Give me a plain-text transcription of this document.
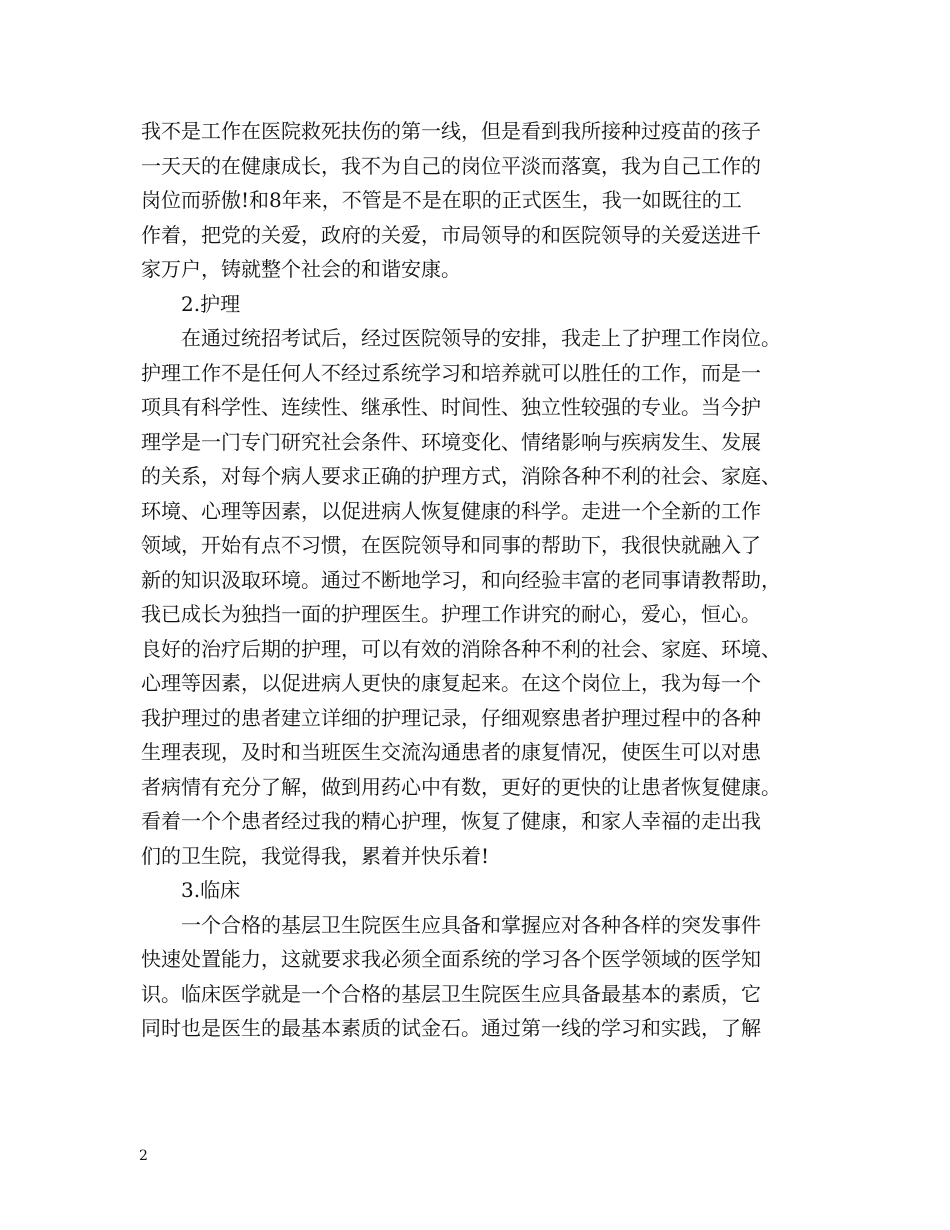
我不是工作在医院救死扶伤的第一线，但是看到我所接种过疫苗的孩子
一天天的在健康成长，我不为自己的岗位平淡而落寞，我为自己工作的
岗位而骄傲!和8年来，不管是不是在职的正式医生，我一如既往的工
作着，把党的关爱，政府的关爱，市局领导的和医院领导的关爱送进千
家万户，铸就整个社会的和谐安康。
2.护理
在通过统招考试后，经过医院领导的安排，我走上了护理工作岗位。
护理工作不是任何人不经过系统学习和培养就可以胜任的工作，而是一
项具有科学性、连续性、继承性、时间性、独立性较强的专业。当今护
理学是一门专门研究社会条件、环境变化、情绪影响与疾病发生、发展
的关系，对每个病人要求正确的护理方式，消除各种不利的社会、家庭、
环境、心理等因素，以促进病人恢复健康的科学。走进一个全新的工作
领域，开始有点不习惯，在医院领导和同事的帮助下，我很快就融入了
新的知识汲取环境。通过不断地学习，和向经验丰富的老同事请教帮助，
我已成长为独挡一面的护理医生。护理工作讲究的耐心，爱心，恒心。
良好的治疗后期的护理，可以有效的消除各种不利的社会、家庭、环境、
心理等因素，以促进病人更快的康复起来。在这个岗位上，我为每一个
我护理过的患者建立详细的护理记录，仔细观察患者护理过程中的各种
生理表现，及时和当班医生交流沟通患者的康复情况，使医生可以对患
者病情有充分了解，做到用药心中有数，更好的更快的让患者恢复健康。
看着一个个患者经过我的精心护理，恢复了健康，和家人幸福的走出我
们的卫生院，我觉得我，累着并快乐着!
3.临床
一个合格的基层卫生院医生应具备和掌握应对各种各样的突发事件
快速处置能力，这就要求我必须全面系统的学习各个医学领域的医学知
识。临床医学就是一个合格的基层卫生院医生应具备最基本的素质，它
同时也是医生的最基本素质的试金石。通过第一线的学习和实践，了解
2
